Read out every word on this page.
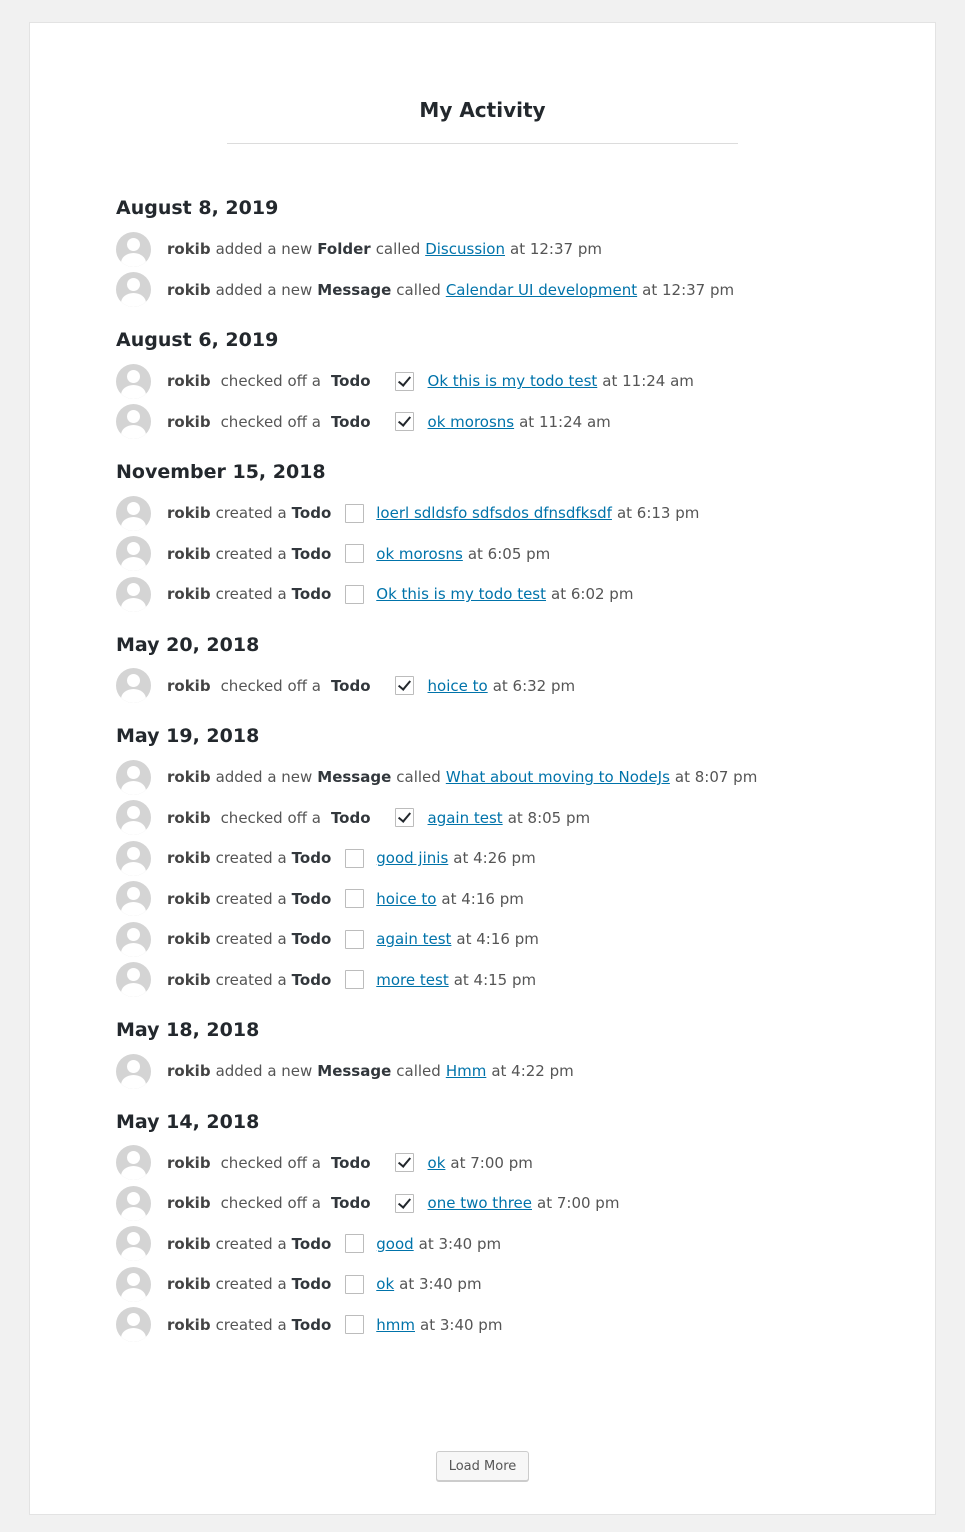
My Activity
August 8, 2019
rokib added a new Folder called Discussion at 12:37 pm
rokib added a new Message called Calendar UI development at 12:37 pm
August 6, 2019
rokib checked off a Todo	Ok this is my todo test at 11:24 am
rokib checked off a Todo	ok morosns at 11:24 am
November 15, 2018
rokib created a Todo	loerl sdldsfo sdfsdos dfnsdfksdf at 6:13 pm
rokib created a Todo	ok morosns at 6:05 pm
rokib created a Todo	Ok this is my todo test at 6:02 pm
May 20, 2018
rokib checked off a Todo	hoice to at 6:32 pm
May 19, 2018
rokib added a new Message called What about moving to NodeJs at 8:07 pm
rokib checked off a Todo	again test at 8:05 pm
rokib created a Todo	good jinis at 4:26 pm
rokib created a Todo	hoice to at 4:16 pm
rokib created a Todo	again test at 4:16 pm
rokib created a Todo	more test at 4:15 pm
May 18, 2018
rokib added a new Message called Hmm at 4:22 pm
May 14, 2018
rokib checked off a Todo	ok at 7:00 pm
rokib checked off a Todo	one two three at 7:00 pm
rokib created a Todo	good at 3:40 pm
rokib created a Todo	ok at 3:40 pm
rokib created a Todo	hmm at 3:40 pm
Load More
